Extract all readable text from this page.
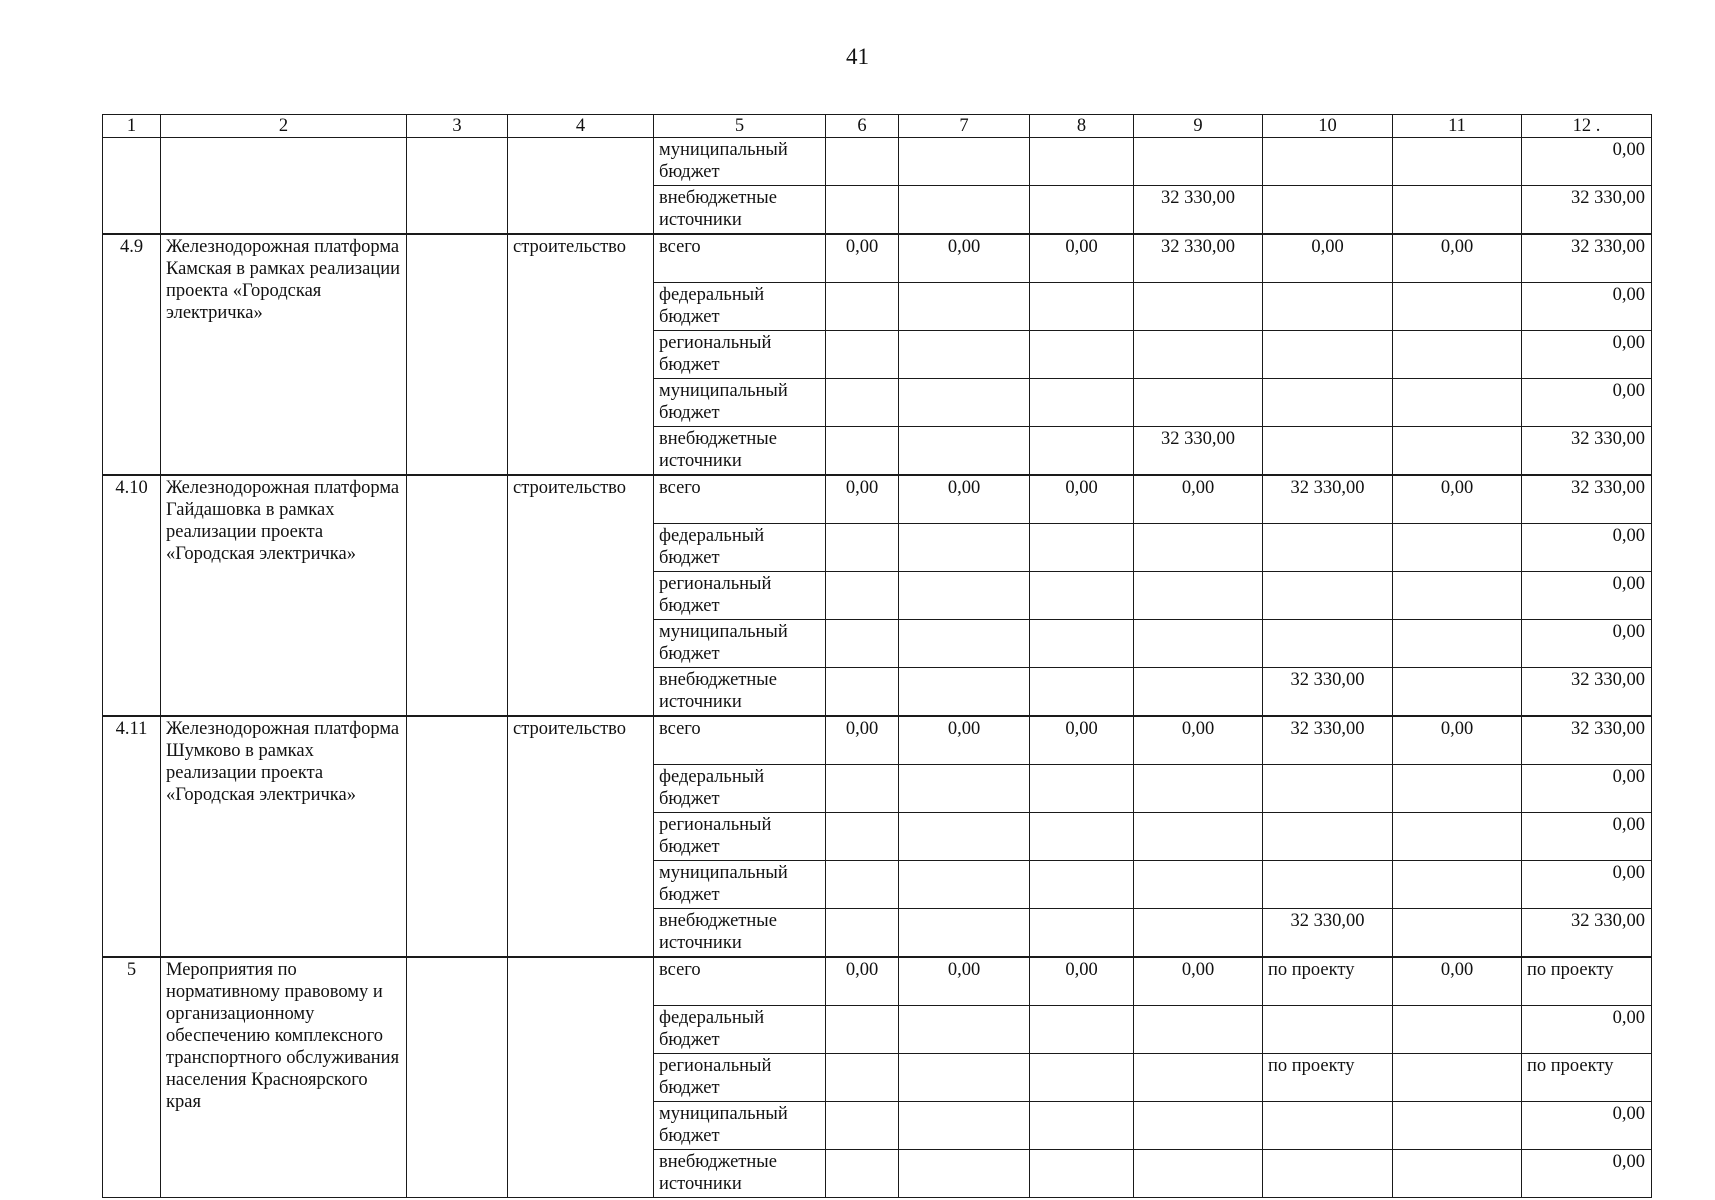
41
1	2	3	4	5	6	7	8	9	10	11	12 .
				муниципальный бюджет							0,00
				внебюджетные источники				32 330,00			32 330,00
4.9	Железнодорожная платформа Камская в рамках реализации проекта «Городская электричка»		строительство	всего	0,00	0,00	0,00	32 330,00	0,00	0,00	32 330,00
				федеральный бюджет							0,00
				региональный бюджет							0,00
				муниципальный бюджет							0,00
				внебюджетные источники				32 330,00			32 330,00
4.10	Железнодорожная платформа Гайдашовка в рамках реализации проекта «Городская электричка»		строительство	всего	0,00	0,00	0,00	0,00	32 330,00	0,00	32 330,00
				федеральный бюджет							0,00
				региональный бюджет							0,00
				муниципальный бюджет							0,00
				внебюджетные источники					32 330,00		32 330,00
4.11	Железнодорожная платформа Шумково в рамках реализации проекта «Городская электричка»		строительство	всего	0,00	0,00	0,00	0,00	32 330,00	0,00	32 330,00
				федеральный бюджет							0,00
				региональный бюджет							0,00
				муниципальный бюджет							0,00
				внебюджетные источники					32 330,00		32 330,00
5	Мероприятия по нормативному правовому и организационному обеспечению комплексного транспортного обслуживания населения Красноярского края			всего	0,00	0,00	0,00	0,00	по проекту	0,00	по проекту
				федеральный бюджет							0,00
				региональный бюджет					по проекту		по проекту
				муниципальный бюджет							0,00
				внебюджетные источники							0,00
